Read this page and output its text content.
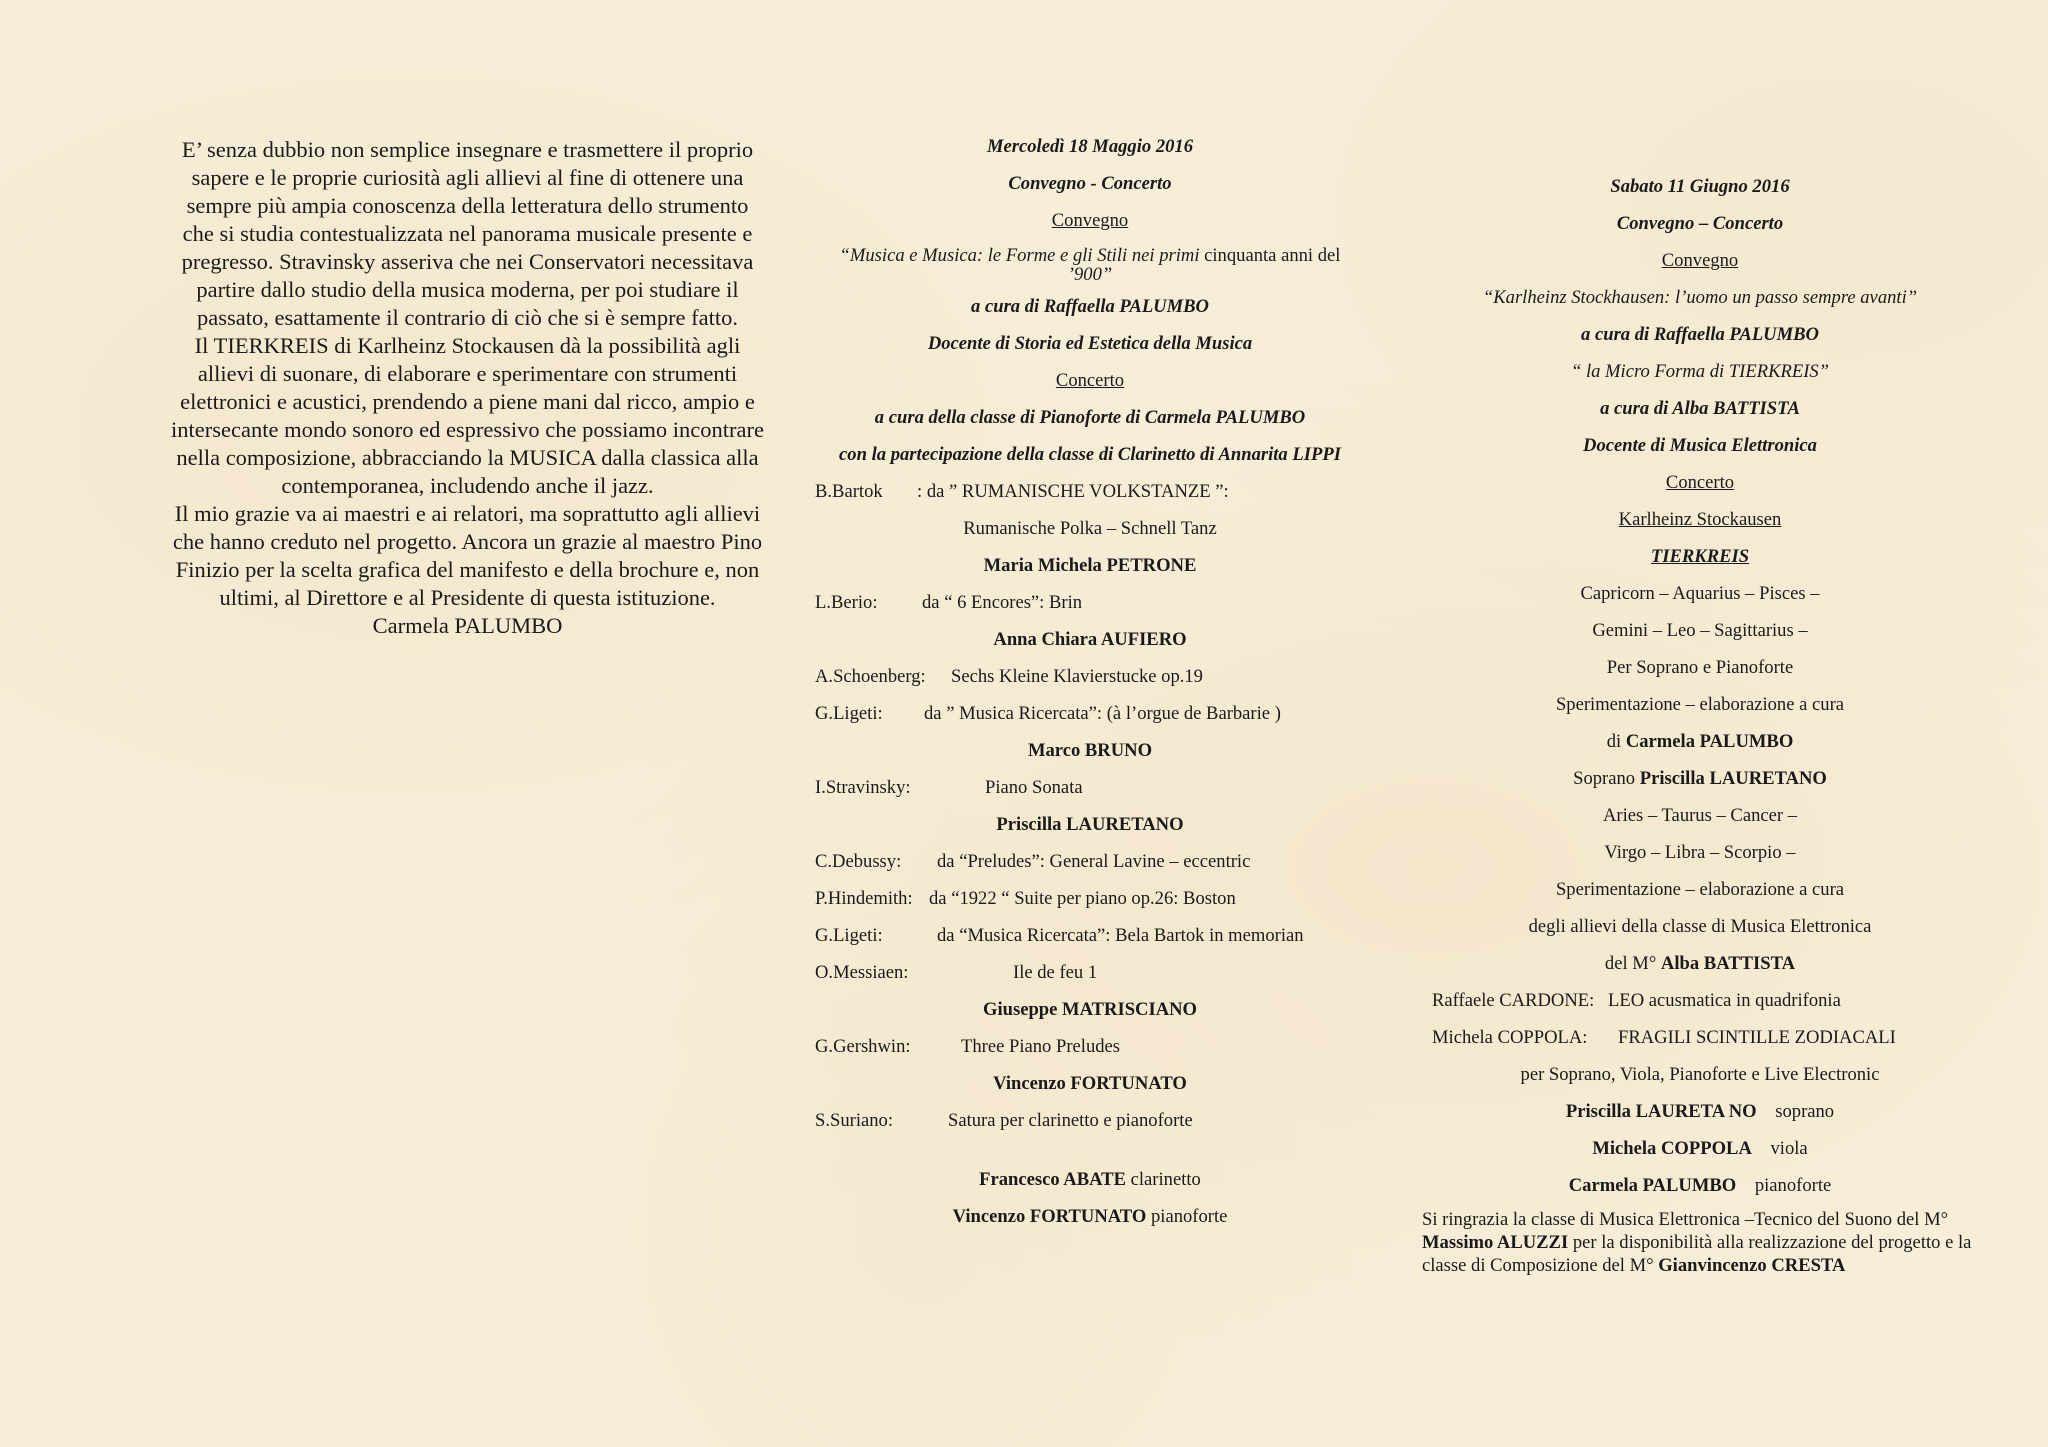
E’ senza dubbio non semplice insegnare e trasmettere il proprio sapere e le proprie curiosità agli allievi al fine di ottenere una sempre più ampia conoscenza della letteratura dello strumento che si studia contestualizzata nel panorama musicale presente e pregresso. Stravinsky asseriva che nei Conservatori necessitava partire dallo studio della musica moderna, per poi studiare il passato, esattamente il contrario di ciò che si è sempre fatto.

Il TIERKREIS di Karlheinz Stockausen dà la possibilità agli allievi di suonare, di elaborare e sperimentare con strumenti elettronici e acustici, prendendo a piene mani dal ricco, ampio e intersecante mondo sonoro ed espressivo che possiamo incontrare nella composizione, abbracciando la MUSICA dalla classica alla contemporanea, includendo anche il jazz.

Il mio grazie va ai maestri e ai relatori, ma soprattutto agli allievi che hanno creduto nel progetto. Ancora un grazie al maestro Pino Finizio per la scelta grafica del manifesto e della brochure e, non ultimi, al Direttore e al Presidente di questa istituzione.

Carmela PALUMBO

Mercoledì 18 Maggio 2016
Convegno - Concerto
Convegno
“Musica e Musica: le Forme e gli Stili nei primi cinquanta anni del
’900”
a cura di Raffaella PALUMBO
Docente di Storia ed Estetica della Musica
Concerto
a cura della classe di Pianoforte di Carmela PALUMBO
con la partecipazione della classe di Clarinetto di Annarita LIPPI
B.Bartok	: da ” RUMANISCHE VOLKSTANZE ”:
Rumanische Polka – Schnell Tanz
Maria Michela PETRONE
L.Berio:	da “ 6 Encores”: Brin
Anna Chiara AUFIERO
A.Schoenberg:	Sechs Kleine Klavierstucke op.19
G.Ligeti:	da ” Musica Ricercata”: (à l’orgue de Barbarie )
Marco BRUNO
I.Stravinsky:	Piano Sonata
Priscilla LAURETANO
C.Debussy:	da “Preludes”: General Lavine – eccentric
P.Hindemith: da “1922 “ Suite per piano op.26: Boston
G.Ligeti:	da “Musica Ricercata”: Bela Bartok in memorian
O.Messiaen:	Ile de feu 1
Giuseppe MATRISCIANO
G.Gershwin:	Three Piano Preludes
Vincenzo FORTUNATO
S.Suriano:	Satura per clarinetto e pianoforte
Francesco ABATE clarinetto
Vincenzo FORTUNATO pianoforte
Sabato 11 Giugno 2016
Convegno – Concerto
Convegno
“Karlheinz Stockhausen: l’uomo un passo sempre avanti”
a cura di Raffaella PALUMBO
“ la Micro Forma di TIERKREIS”
a cura di Alba BATTISTA
Docente di Musica Elettronica
Concerto
Karlheinz Stockausen
TIERKREIS
Capricorn – Aquarius – Pisces –
Gemini – Leo – Sagittarius –
Per Soprano e Pianoforte
Sperimentazione – elaborazione a cura
di Carmela PALUMBO
Soprano Priscilla LAURETANO
Aries – Taurus – Cancer –
Virgo – Libra – Scorpio –
Sperimentazione – elaborazione a cura
degli allievi della classe di Musica Elettronica
del M° Alba BATTISTA
Raffaele CARDONE: LEO acusmatica in quadrifonia
Michela COPPOLA:	FRAGILI SCINTILLE ZODIACALI
per Soprano, Viola, Pianoforte e Live Electronic
Priscilla LAURETA NO    soprano
Michela COPPOLA    viola
Carmela PALUMBO    pianoforte
Si ringrazia la classe di Musica Elettronica –Tecnico del Suono del M° Massimo ALUZZI per la disponibilità alla realizzazione del progetto e la classe di Composizione del M° Gianvincenzo CRESTA
